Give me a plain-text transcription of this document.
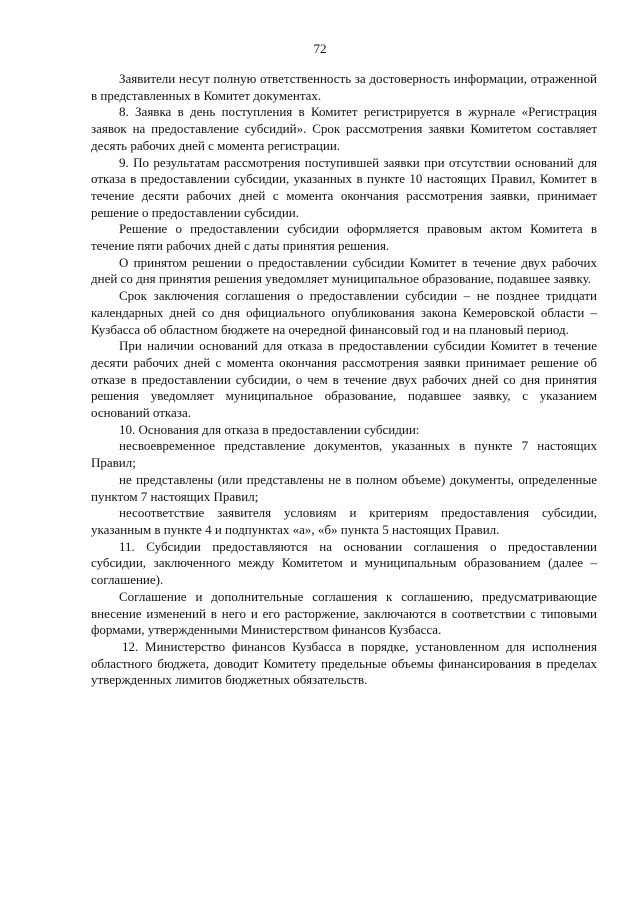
72

Заявители несут полную ответственность за достоверность информации, отраженной в представленных в Комитет документах.

8. Заявка в день поступления в Комитет регистрируется в журнале «Регистрация заявок на предоставление субсидий». Срок рассмотрения заявки Комитетом составляет десять рабочих дней с момента регистрации.

9. По результатам рассмотрения поступившей заявки при отсутствии оснований для отказа в предоставлении субсидии, указанных в пункте 10 настоящих Правил, Комитет в течение десяти рабочих дней с момента окончания рассмотрения заявки, принимает решение о предоставлении субсидии.

Решение о предоставлении субсидии оформляется правовым актом Комитета в течение пяти рабочих дней с даты принятия решения.

О принятом решении о предоставлении субсидии Комитет в течение двух рабочих дней со дня принятия решения уведомляет муниципальное образование, подавшее заявку.

Срок заключения соглашения о предоставлении субсидии – не позднее тридцати календарных дней со дня официального опубликования закона Кемеровской области – Кузбасса об областном бюджете на очередной финансовый год и на плановый период.

При наличии оснований для отказа в предоставлении субсидии Комитет в течение десяти рабочих дней с момента окончания рассмотрения заявки принимает решение об отказе в предоставлении субсидии, о чем в течение двух рабочих дней со дня принятия решения уведомляет муниципальное образование, подавшее заявку, с указанием оснований отказа.

10. Основания для отказа в предоставлении субсидии:

несвоевременное представление документов, указанных в пункте 7 настоящих Правил;

не представлены (или представлены не в полном объеме) документы, определенные пунктом 7 настоящих Правил;

несоответствие заявителя условиям и критериям предоставления субсидии, указанным в пункте 4 и подпунктах «а», «б» пункта 5 настоящих Правил.

11. Субсидии предоставляются на основании соглашения о предоставлении субсидии, заключенного между Комитетом и муниципальным образованием (далее – соглашение).

Соглашение и дополнительные соглашения к соглашению, предусматривающие внесение изменений в него и его расторжение, заключаются в соответствии с типовыми формами, утвержденными Министерством финансов Кузбасса.

12. Министерство финансов Кузбасса в порядке, установленном для исполнения областного бюджета, доводит Комитету предельные объемы финансирования в пределах утвержденных лимитов бюджетных обязательств.
